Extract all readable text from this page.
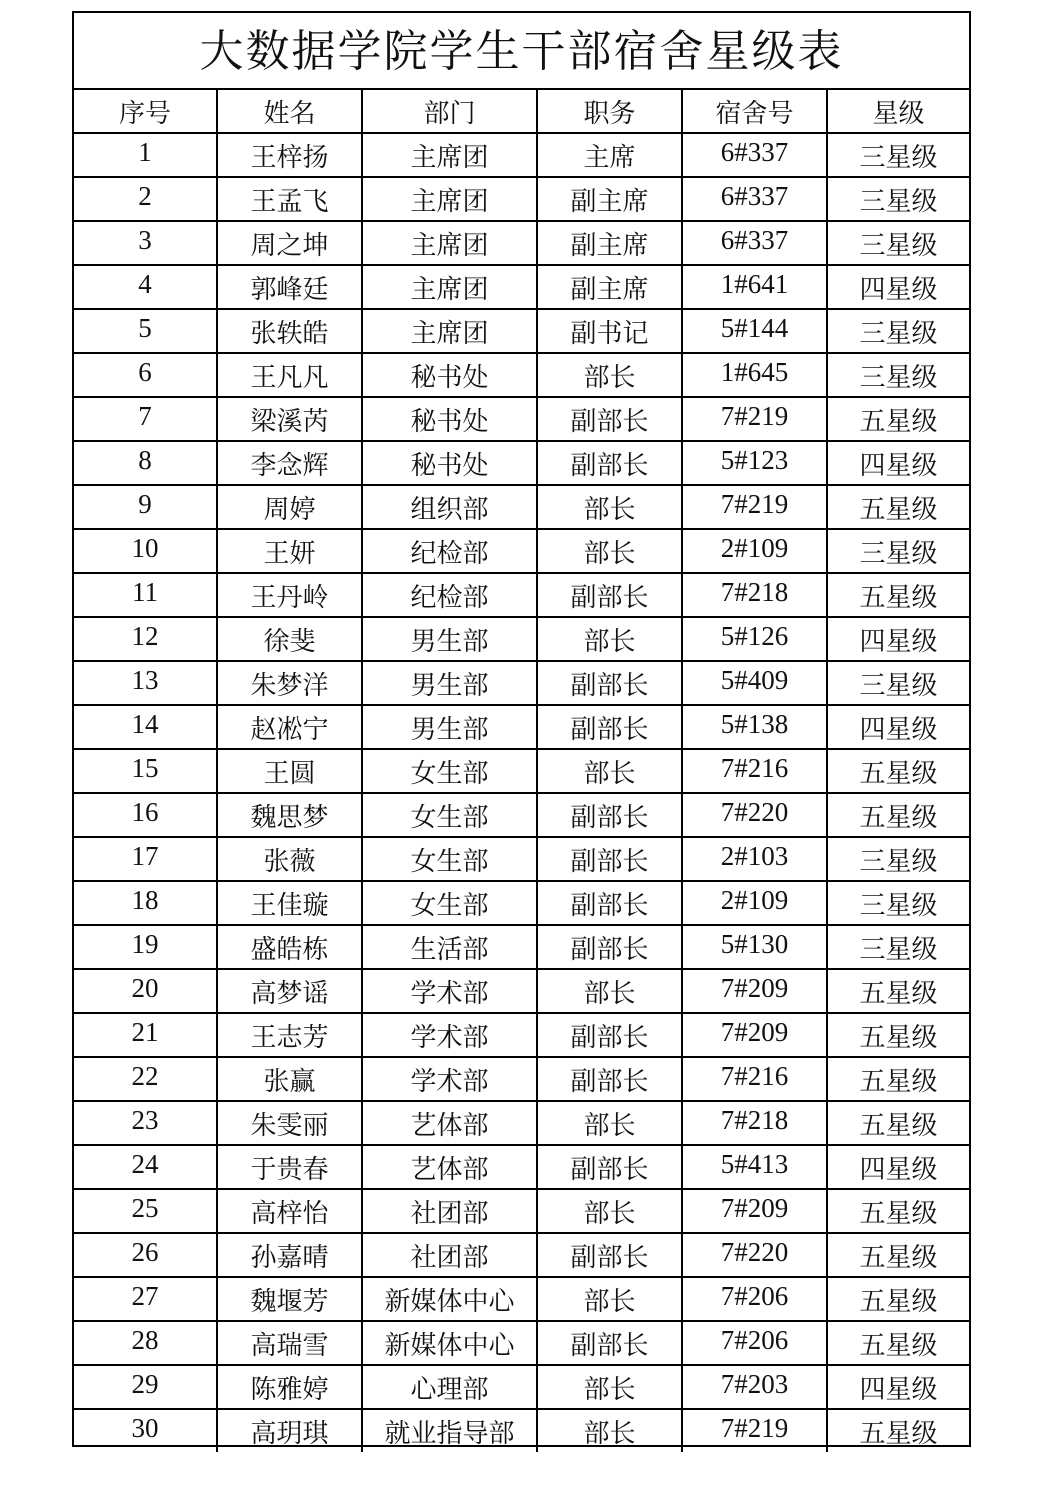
大数据学院学生干部宿舍星级表
序号	姓名	部门	职务	宿舍号	星级
1	王梓扬	主席团	主席	6#337	三星级
2	王孟飞	主席团	副主席	6#337	三星级
3	周之坤	主席团	副主席	6#337	三星级
4	郭峰廷	主席团	副主席	1#641	四星级
5	张轶皓	主席团	副书记	5#144	三星级
6	王凡凡	秘书处	部长	1#645	三星级
7	梁溪芮	秘书处	副部长	7#219	五星级
8	李念辉	秘书处	副部长	5#123	四星级
9	周婷	组织部	部长	7#219	五星级
10	王妍	纪检部	部长	2#109	三星级
11	王丹岭	纪检部	副部长	7#218	五星级
12	徐斐	男生部	部长	5#126	四星级
13	朱梦洋	男生部	副部长	5#409	三星级
14	赵凇宁	男生部	副部长	5#138	四星级
15	王圆	女生部	部长	7#216	五星级
16	魏思梦	女生部	副部长	7#220	五星级
17	张薇	女生部	副部长	2#103	三星级
18	王佳璇	女生部	副部长	2#109	三星级
19	盛皓栋	生活部	副部长	5#130	三星级
20	高梦谣	学术部	部长	7#209	五星级
21	王志芳	学术部	副部长	7#209	五星级
22	张赢	学术部	副部长	7#216	五星级
23	朱雯丽	艺体部	部长	7#218	五星级
24	于贵春	艺体部	副部长	5#413	四星级
25	高梓怡	社团部	部长	7#209	五星级
26	孙嘉晴	社团部	副部长	7#220	五星级
27	魏堰芳	新媒体中心	部长	7#206	五星级
28	高瑞雪	新媒体中心	副部长	7#206	五星级
29	陈雅婷	心理部	部长	7#203	四星级
30	高玥琪	就业指导部	部长	7#219	五星级
